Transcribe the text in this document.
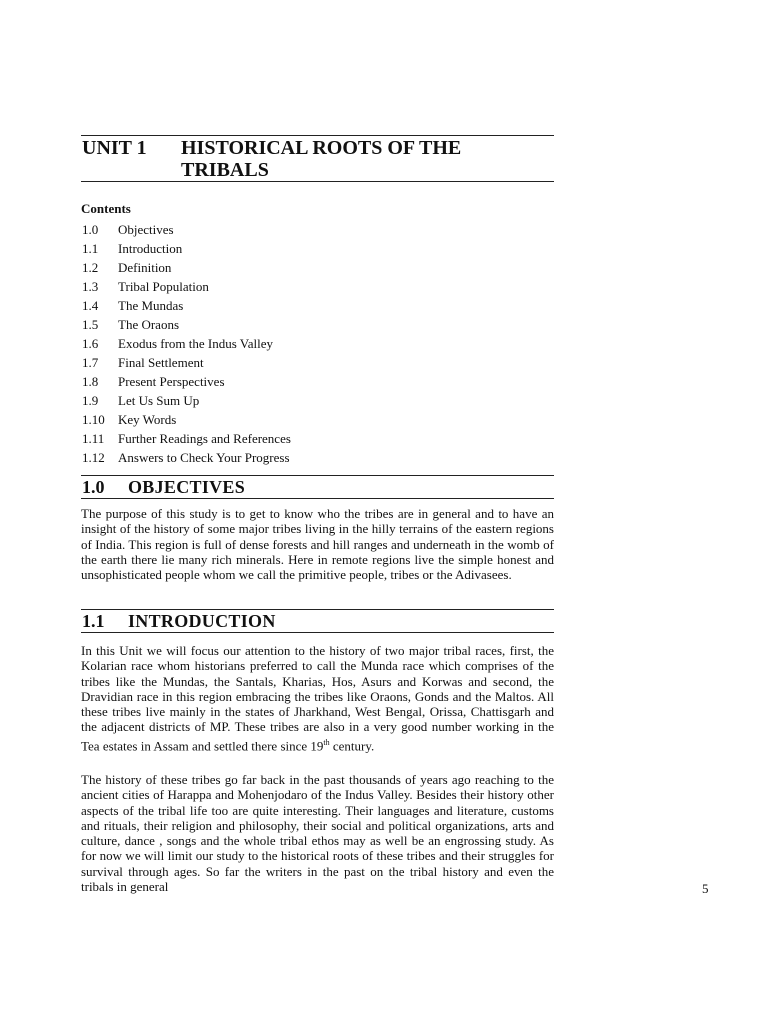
UNIT 1 HISTORICAL ROOTS OF THE
TRIBALS
Contents
1.0 Objectives
1.1 Introduction
1.2 Definition
1.3 Tribal Population
1.4 The Mundas
1.5 The Oraons
1.6 Exodus from the Indus Valley
1.7 Final Settlement
1.8 Present Perspectives
1.9 Let Us Sum Up
1.10 Key Words
1.11 Further Readings and References
1.12 Answers to Check Your Progress
1.0 OBJECTIVES

The purpose of this study is to get to know who the tribes are in general and to have an insight of the history of some major tribes living in the hilly terrains of the eastern regions of India. This region is full of dense forests and hill ranges and underneath in the womb of the earth there lie many rich minerals. Here in remote regions live the simple honest and unsophisticated people whom we call the primitive people, tribes or the Adivasees.

1.1 INTRODUCTION

In this Unit we will focus our attention to the history of two major tribal races, first, the Kolarian race whom historians preferred to call the Munda race which comprises of the tribes like the Mundas, the Santals, Kharias, Hos, Asurs and Korwas and second, the Dravidian race in this region embracing the tribes like Oraons, Gonds and the Maltos. All these tribes live mainly in the states of Jharkhand, West Bengal, Orissa, Chattisgarh and the adjacent districts of MP. These tribes are also in a very good number working in the Tea estates in Assam and settled there since 19th century.

The history of these tribes go far back in the past thousands of years ago reaching to the ancient cities of Harappa and Mohenjodaro of the Indus Valley. Besides their history other aspects of the tribal life too are quite interesting. Their languages and literature, customs and rituals, their religion and philosophy, their social and political organizations, arts and culture, dance , songs and the whole tribal ethos may as well be an engrossing study. As for now we will limit our study to the historical roots of these tribes and their struggles for survival through ages. So far the writers in the past on the tribal history and even the tribals in general	5
